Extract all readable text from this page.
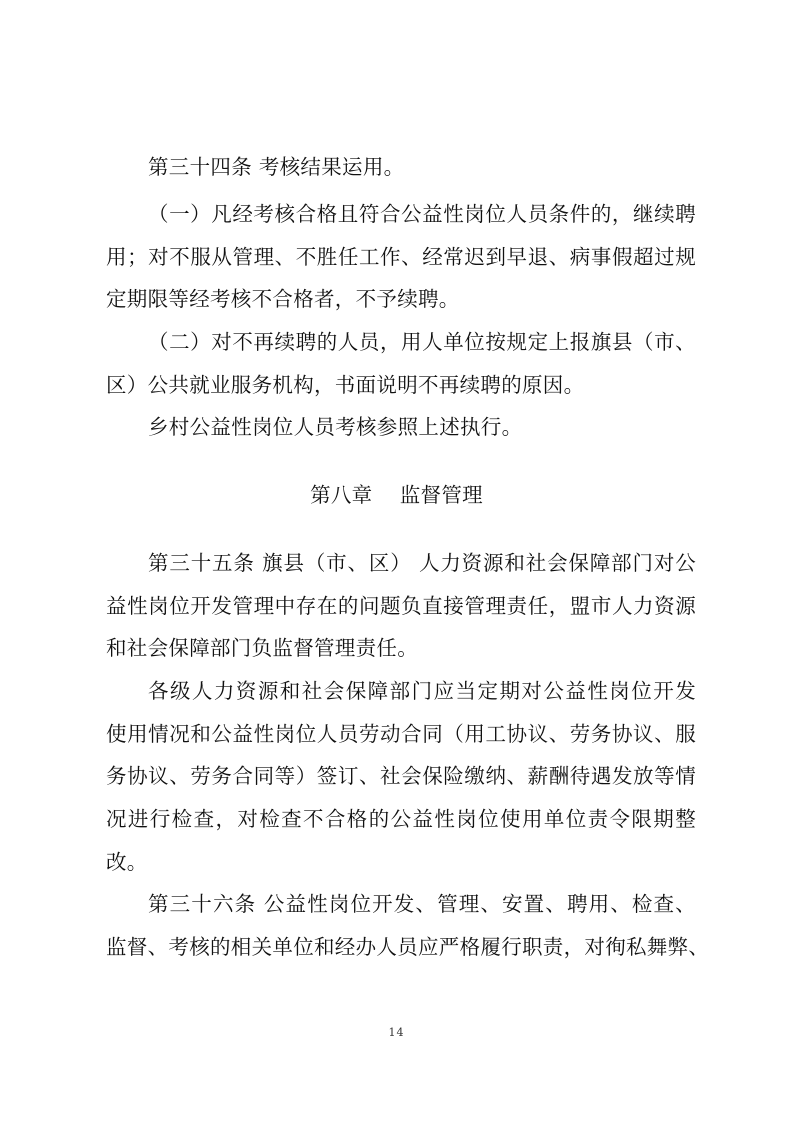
第三十四条 考核结果运用。
（一）凡经考核合格且符合公益性岗位人员条件的，继续聘
用；对不服从管理、不胜任工作、经常迟到早退、病事假超过规
定期限等经考核不合格者，不予续聘。
（二）对不再续聘的人员，用人单位按规定上报旗县（市、
区）公共就业服务机构，书面说明不再续聘的原因。
乡村公益性岗位人员考核参照上述执行。
第八章    监督管理
第三十五条 旗县（市、区） 人力资源和社会保障部门对公
益性岗位开发管理中存在的问题负直接管理责任，盟市人力资源
和社会保障部门负监督管理责任。
各级人力资源和社会保障部门应当定期对公益性岗位开发
使用情况和公益性岗位人员劳动合同（用工协议、劳务协议、服
务协议、劳务合同等）签订、社会保险缴纳、薪酬待遇发放等情
况进行检查，对检查不合格的公益性岗位使用单位责令限期整
改。
第三十六条 公益性岗位开发、管理、安置、聘用、检查、
监督、考核的相关单位和经办人员应严格履行职责，对徇私舞弊、
14
